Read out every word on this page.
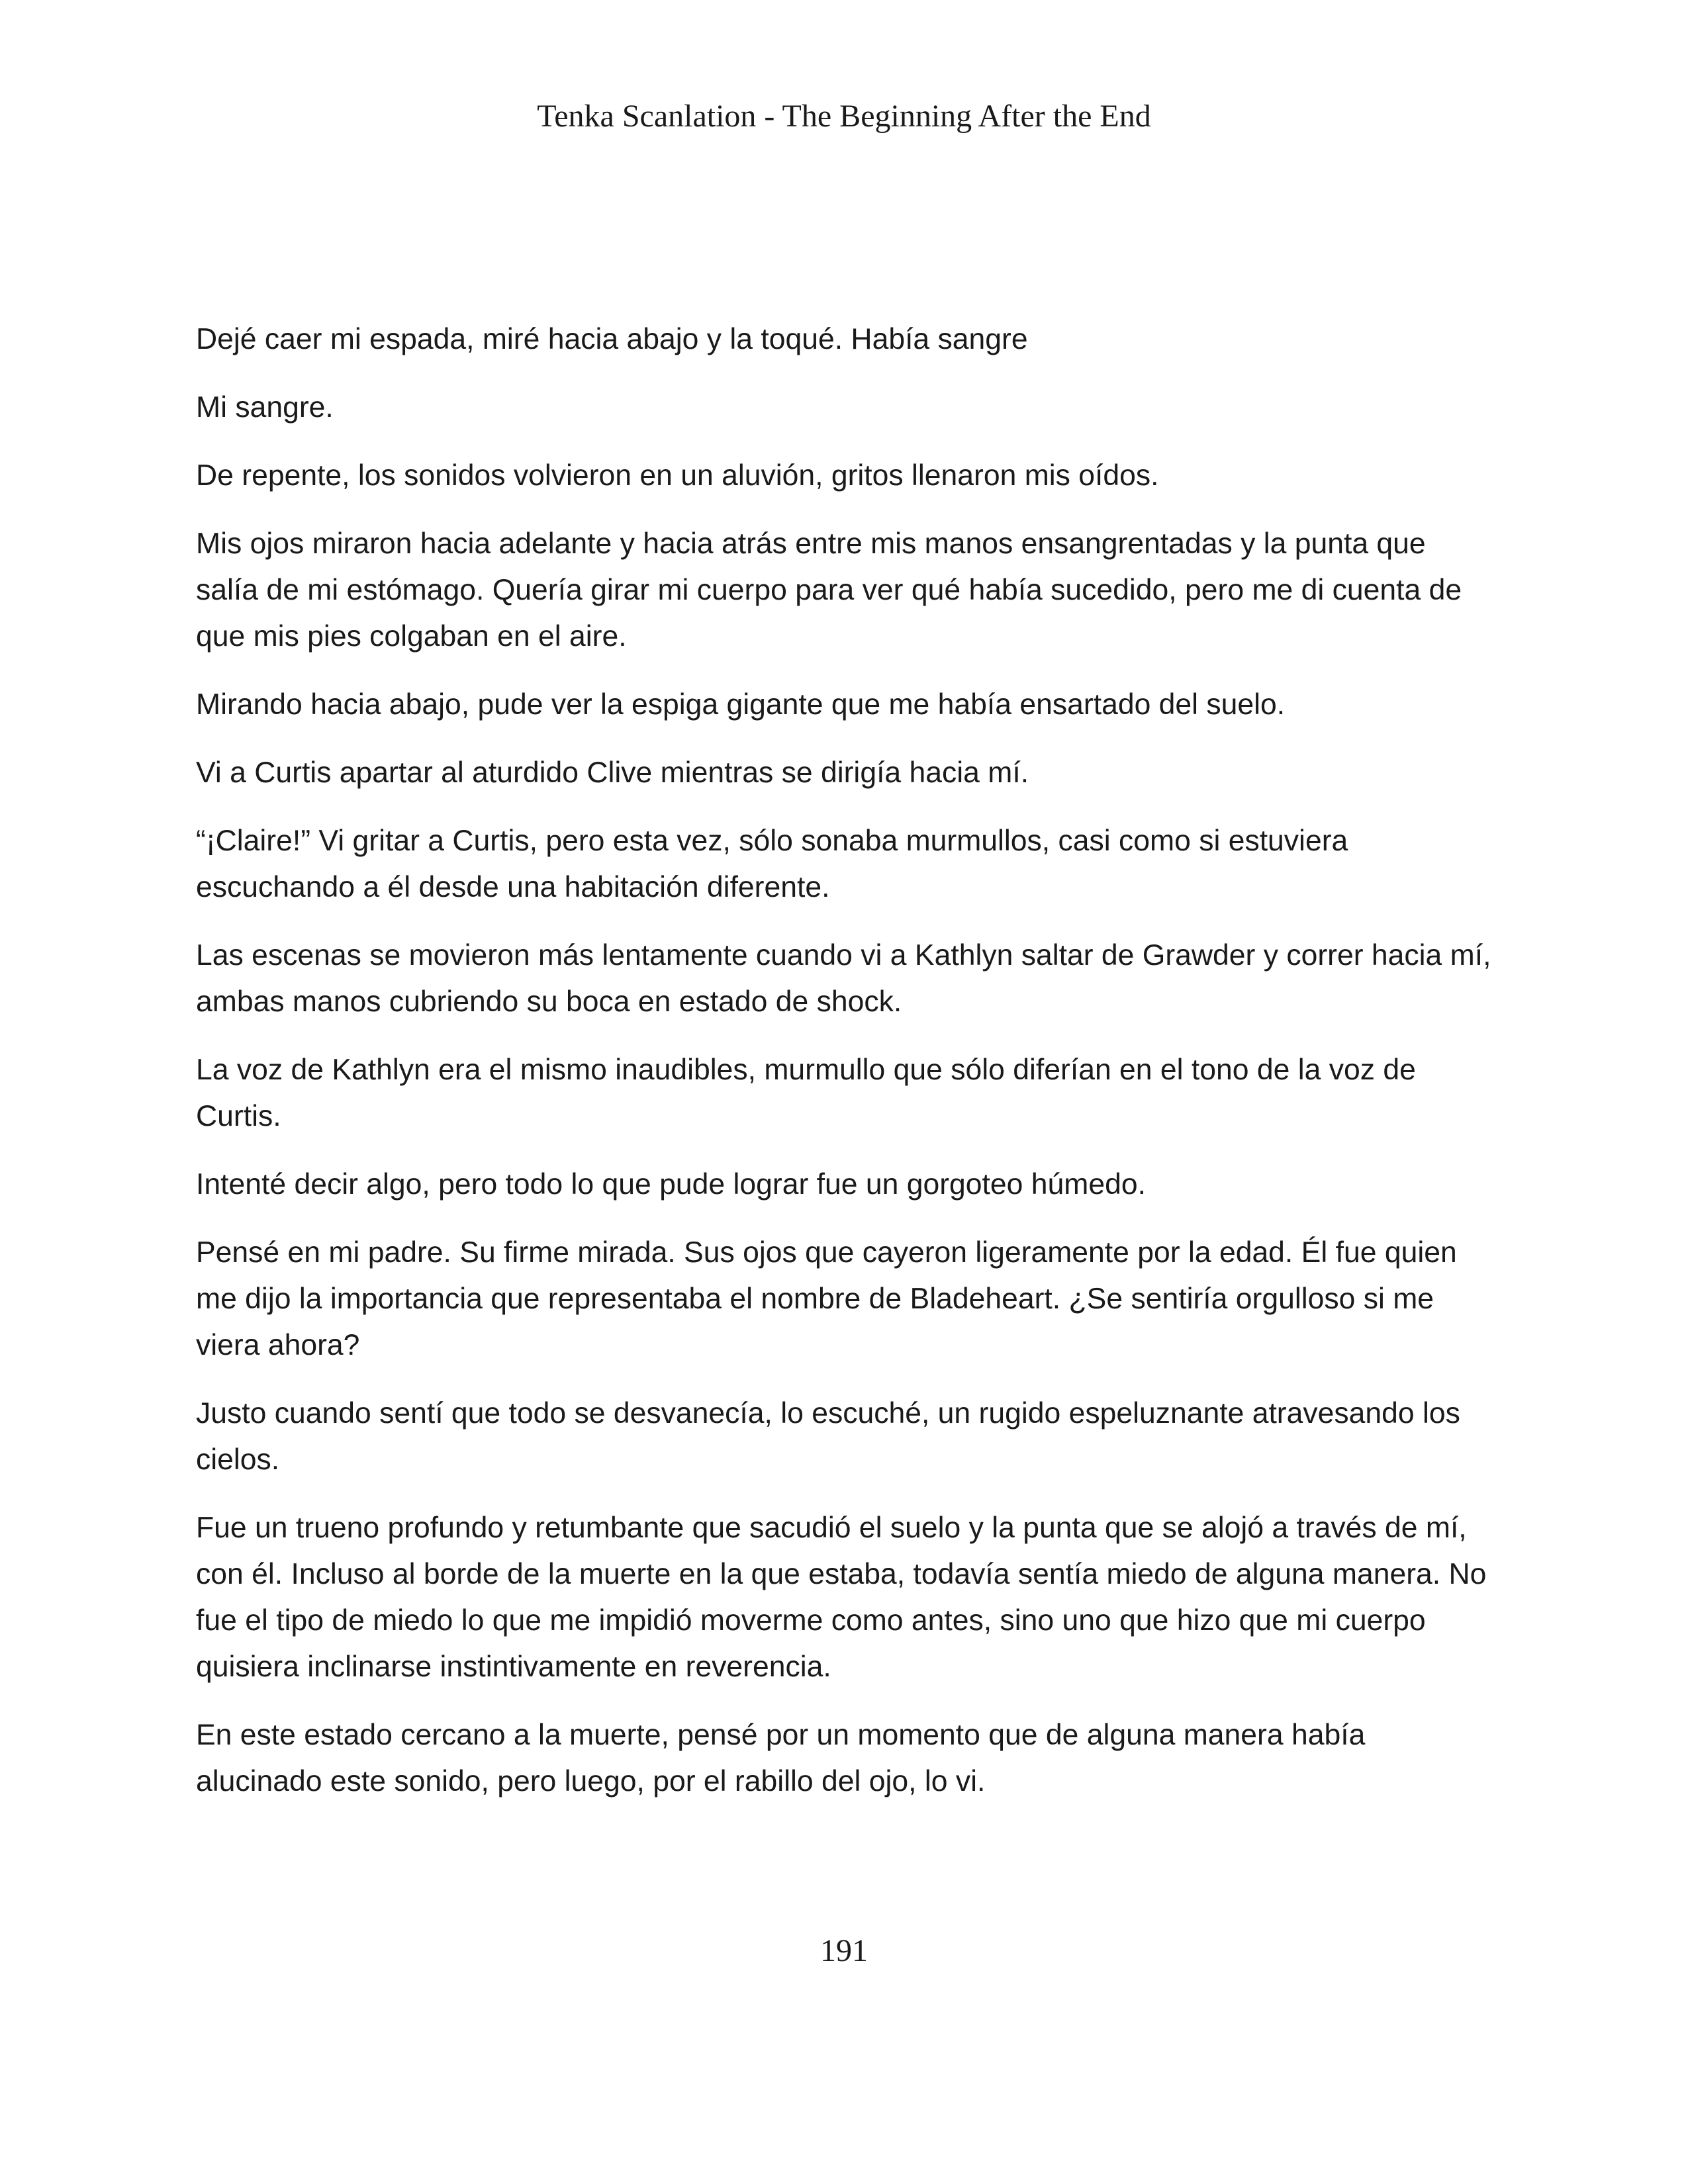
Tenka Scanlation - The Beginning After the End

Dejé caer mi espada, miré hacia abajo y la toqué. Había sangre

Mi sangre.

De repente, los sonidos volvieron en un aluvión, gritos llenaron mis oídos.

Mis ojos miraron hacia adelante y hacia atrás entre mis manos ensangrentadas y la punta que salía de mi estómago. Quería girar mi cuerpo para ver qué había sucedido, pero me di cuenta de que mis pies colgaban en el aire.

Mirando hacia abajo, pude ver la espiga gigante que me había ensartado del suelo.

Vi a Curtis apartar al aturdido Clive mientras se dirigía hacia mí.

“¡Claire!” Vi gritar a Curtis, pero esta vez, sólo sonaba murmullos, casi como si estuviera escuchando a él desde una habitación diferente.

Las escenas se movieron más lentamente cuando vi a Kathlyn saltar de Grawder y correr hacia mí, ambas manos cubriendo su boca en estado de shock.

La voz de Kathlyn era el mismo inaudibles, murmullo que sólo diferían en el tono de la voz de Curtis.

Intenté decir algo, pero todo lo que pude lograr fue un gorgoteo húmedo.

Pensé en mi padre. Su firme mirada. Sus ojos que cayeron ligeramente por la edad. Él fue quien me dijo la importancia que representaba el nombre de Bladeheart. ¿Se sentiría orgulloso si me viera ahora?

Justo cuando sentí que todo se desvanecía, lo escuché, un rugido espeluznante atravesando los cielos.

Fue un trueno profundo y retumbante que sacudió el suelo y la punta que se alojó a través de mí, con él. Incluso al borde de la muerte en la que estaba, todavía sentía miedo de alguna manera. No fue el tipo de miedo lo que me impidió moverme como antes, sino uno que hizo que mi cuerpo quisiera inclinarse instintivamente en reverencia.

En este estado cercano a la muerte, pensé por un momento que de alguna manera había alucinado este sonido, pero luego, por el rabillo del ojo, lo vi.

191
